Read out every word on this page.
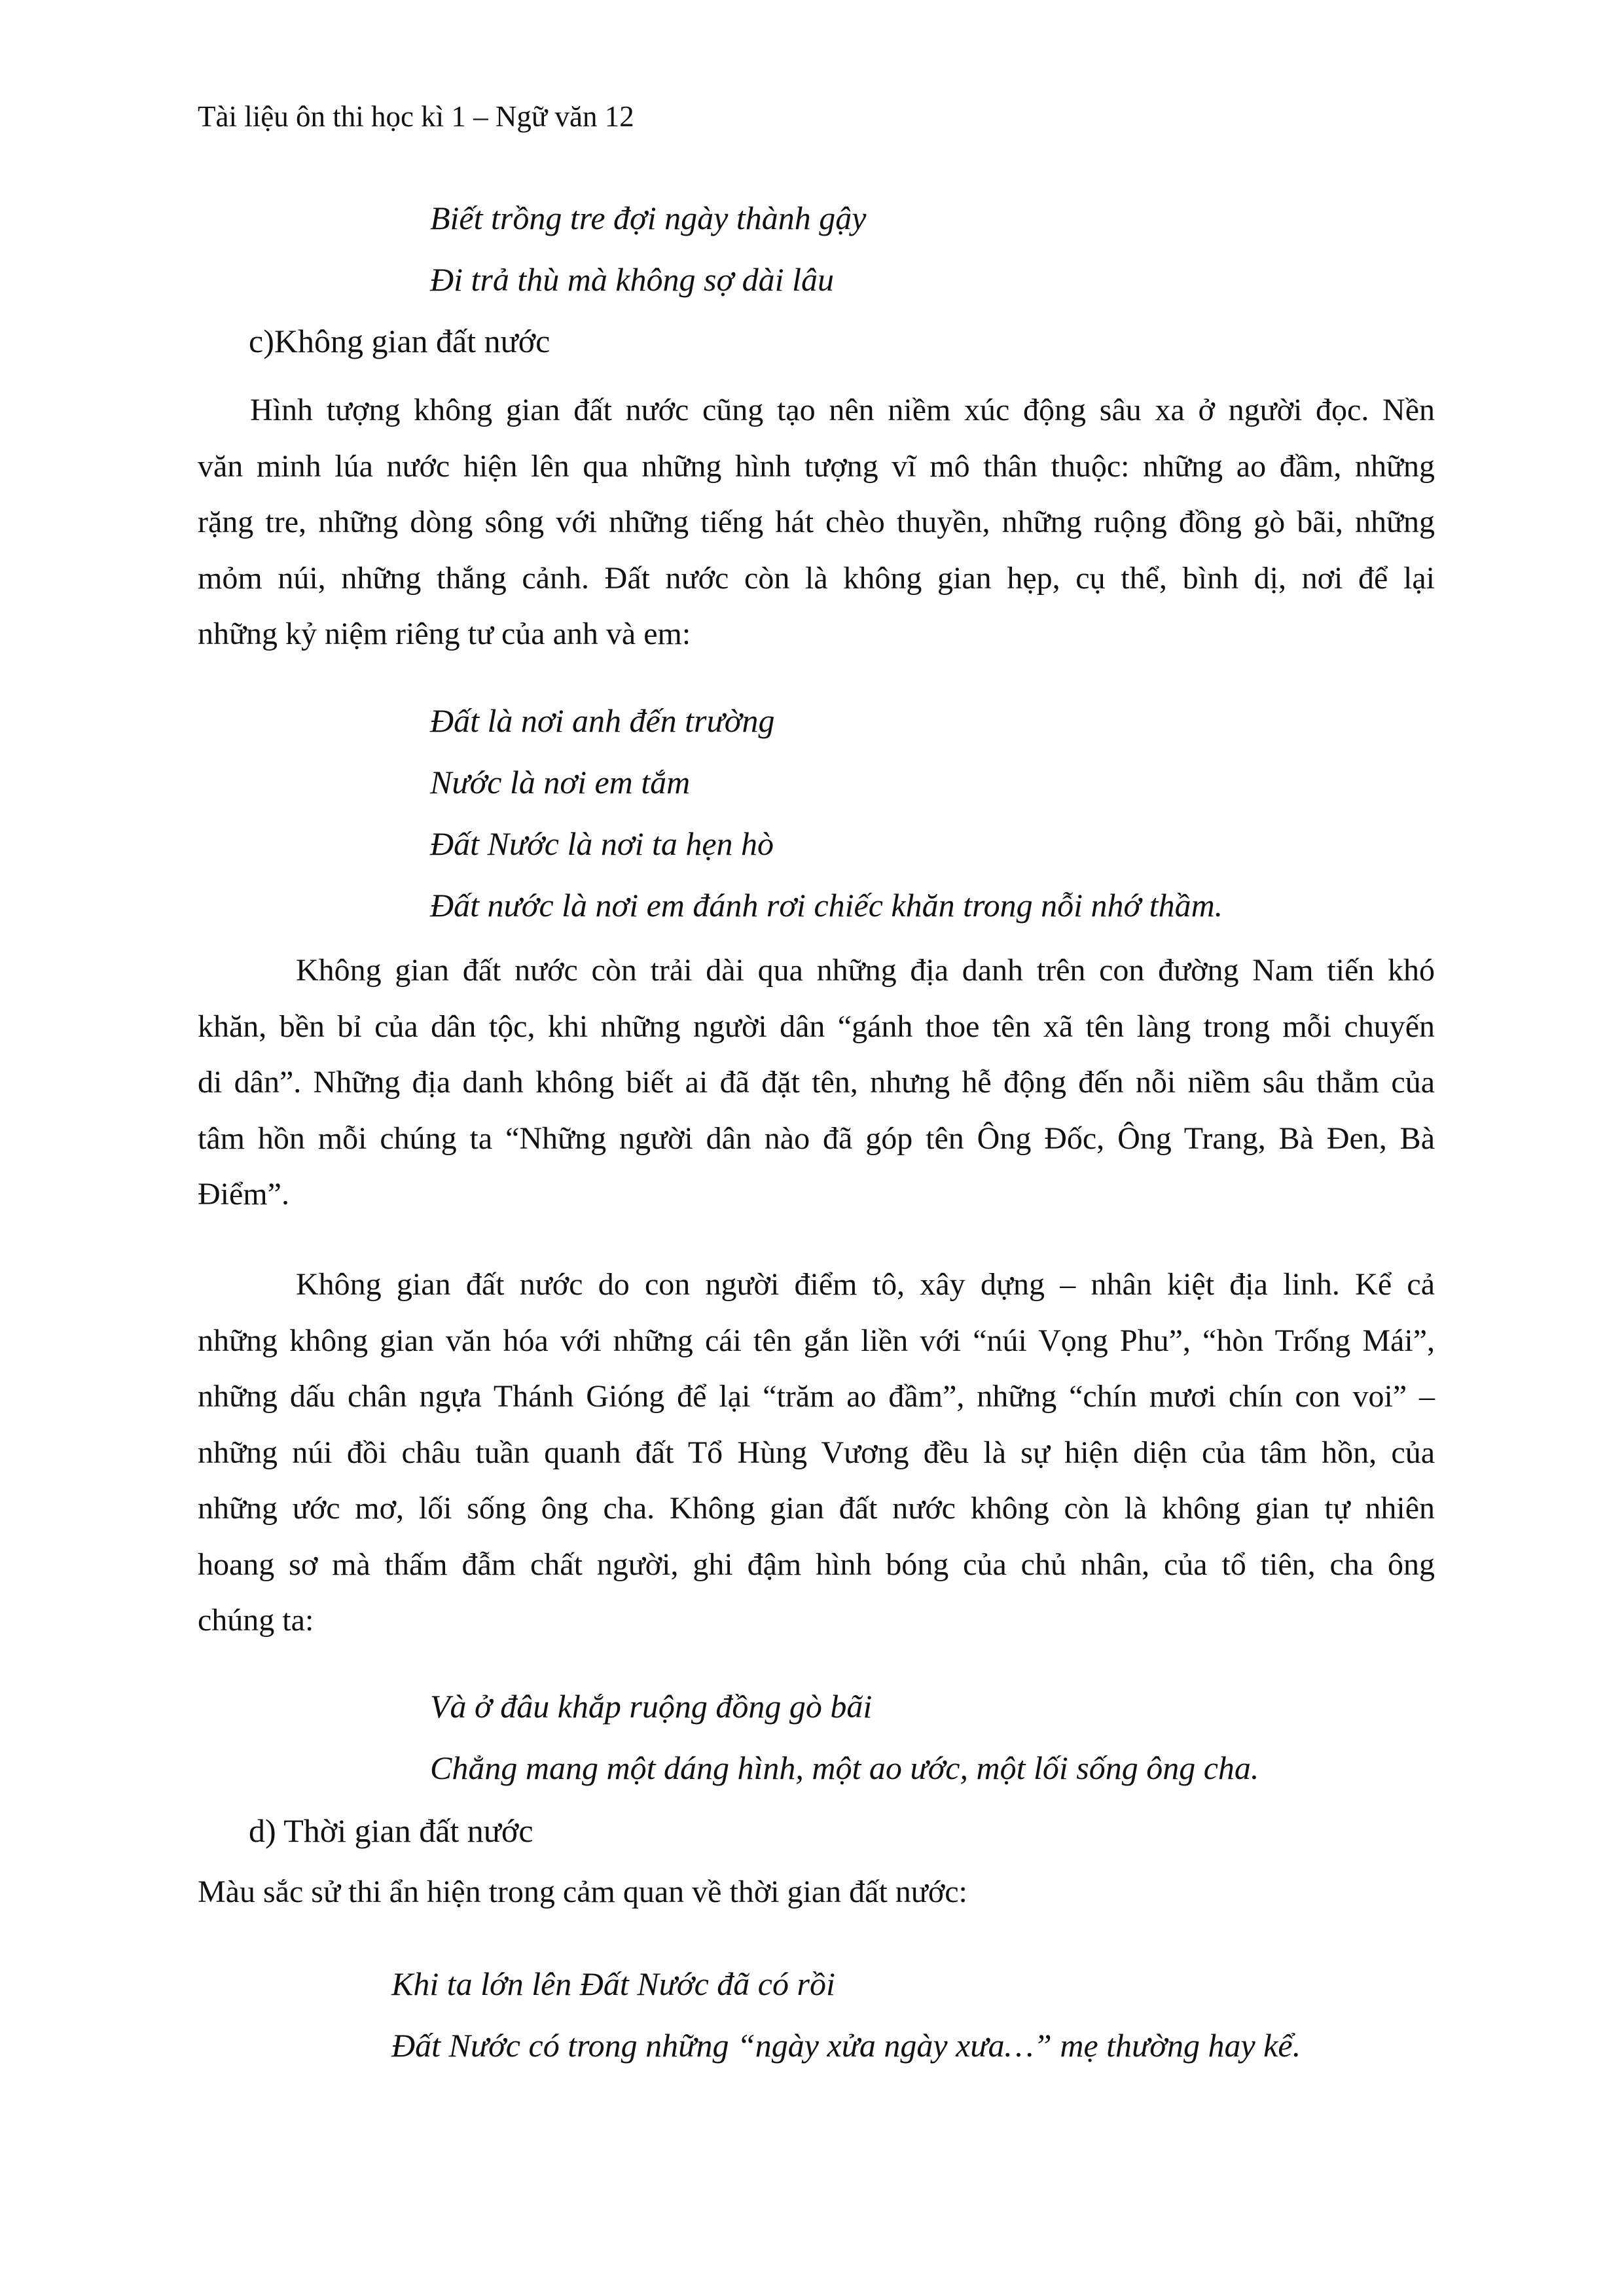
Tài liệu ôn thi học kì 1 – Ngữ văn 12
Biết trồng tre đợi ngày thành gậy
Đi trả thù mà không sợ dài lâu
c)Không gian đất nước
Hình tượng không gian đất nước cũng tạo nên niềm xúc động sâu xa ở người đọc. Nền
văn minh lúa nước hiện lên qua những hình tượng vĩ mô thân thuộc: những ao đầm, những
rặng tre, những dòng sông với những tiếng hát chèo thuyền, những ruộng đồng gò bãi, những
mỏm núi, những thắng cảnh. Đất nước còn là không gian hẹp, cụ thể, bình dị, nơi để lại
những kỷ niệm riêng tư của anh và em:
Đất là nơi anh đến trường
Nước là nơi em tắm
Đất Nước là nơi ta hẹn hò
Đất nước là nơi em đánh rơi chiếc khăn trong nỗi nhớ thầm.
Không gian đất nước còn trải dài qua những địa danh trên con đường Nam tiến khó
khăn, bền bỉ của dân tộc, khi những người dân “gánh thoe tên xã tên làng trong mỗi chuyến
di dân”. Những địa danh không biết ai đã đặt tên, nhưng hễ động đến nỗi niềm sâu thẳm của
tâm hồn mỗi chúng ta “Những người dân nào đã góp tên Ông Đốc, Ông Trang, Bà Đen, Bà
Điểm”.
Không gian đất nước do con người điểm tô, xây dựng – nhân kiệt địa linh. Kể cả
những không gian văn hóa với những cái tên gắn liền với “núi Vọng Phu”, “hòn Trống Mái”,
những dấu chân ngựa Thánh Gióng để lại “trăm ao đầm”, những “chín mươi chín con voi” –
những núi đồi châu tuần quanh đất Tổ Hùng Vương đều là sự hiện diện của tâm hồn, của
những ước mơ, lối sống ông cha. Không gian đất nước không còn là không gian tự nhiên
hoang sơ mà thấm đẫm chất người, ghi đậm hình bóng của chủ nhân, của tổ tiên, cha ông
chúng ta:
Và ở đâu khắp ruộng đồng gò bãi
Chẳng mang một dáng hình, một ao ước, một lối sống ông cha.
d) Thời gian đất nước
Màu sắc sử thi ẩn hiện trong cảm quan về thời gian đất nước:
Khi ta lớn lên Đất Nước đã có rồi
Đất Nước có trong những “ngày xửa ngày xưa…” mẹ thường hay kể.
